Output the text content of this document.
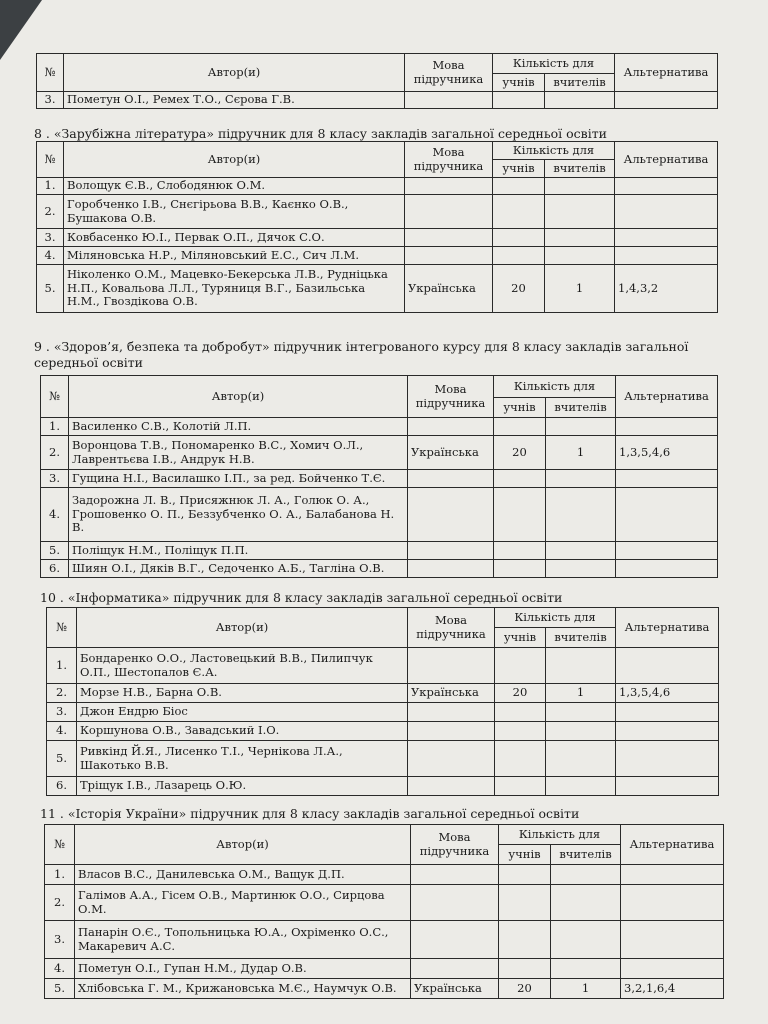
№	Автор(и)	Мова підручника	Кількість для		Альтернатива
			учнів	вчителів	
3.	Пометун О.І., Ремех Т.О., Сєрова Г.В.				
8 . «Зарубіжна література» підручник для 8 класу закладів загальної середньої освіти
№	Автор(и)	Мова підручника	Кількість для		Альтернатива
			учнів	вчителів	
1.	Волощук Є.В., Слободянюк О.М.				
2.	Горобченко І.В., Снєгірьова В.В., Каєнко О.В., Бушакова О.В.				
3.	Ковбасенко Ю.І., Первак О.П., Дячок С.О.				
4.	Міляновська Н.Р., Міляновський Е.С., Сич Л.М.				
5.	Ніколенко О.М., Мацевко-Бекерська Л.В., Рудніцька Н.П., Ковальова Л.Л., Туряниця В.Г., Базильська Н.М., Гвоздікова О.В.	Українська	20	1	1,4,3,2
9 . «Здоров’я, безпека та добробут» підручник інтегрованого курсу для 8 класу закладів загальної середньої освіти
№	Автор(и)	Мова підручника	Кількість для		Альтернатива
			учнів	вчителів	
1.	Василенко С.В., Колотій Л.П.				
2.	Воронцова Т.В., Пономаренко В.С., Хомич О.Л., Лаврентьєва І.В., Андрук Н.В.	Українська	20	1	1,3,5,4,6
3.	Гущина Н.І., Василашко І.П., за ред. Бойченко Т.Є.				
4.	Задорожна Л. В., Присяжнюк Л. А., Голюк О. А., Грошовенко О. П., Беззубченко О. А., Балабанова Н. В.				
5.	Поліщук Н.М., Поліщук П.П.				
6.	Шиян О.І., Дяків В.Г., Седоченко А.Б., Таглiна О.В.				
10 . «Інформатика» підручник для 8 класу закладів загальної середньої освіти
№	Автор(и)	Мова підручника	Кількість для		Альтернатива
			учнів	вчителів	
1.	Бондаренко О.О., Ластовецький В.В., Пилипчук О.П., Шестопалов Є.А.				
2.	Морзе Н.В., Барна О.В.	Українська	20	1	1,3,5,4,6
3.	Джон Ендрю Біос				
4.	Коршунова О.В., Завадський І.О.				
5.	Ривкінд Й.Я., Лисенко Т.І., Чернікова Л.А., Шакотько В.В.				
6.	Тріщук І.В., Лазарець О.Ю.				
11 . «Історія України» підручник для 8 класу закладів загальної середньої освіти
№	Автор(и)	Мова підручника	Кількість для		Альтернатива
			учнів	вчителів	
1.	Власов В.С., Данилевська О.М., Ващук Д.П.				
2.	Галімов А.А., Гісем О.В., Мартинюк О.О., Сирцова О.М.				
3.	Панарін О.Є., Топольницька Ю.А., Охріменко О.С., Макаревич А.С.				
4.	Пометун О.І., Гупан Н.М., Дудар О.В.				
5.	Хлібовська Г. М., Крижановська М.Є., Наумчук О.В.	Українська	20	1	3,2,1,6,4
